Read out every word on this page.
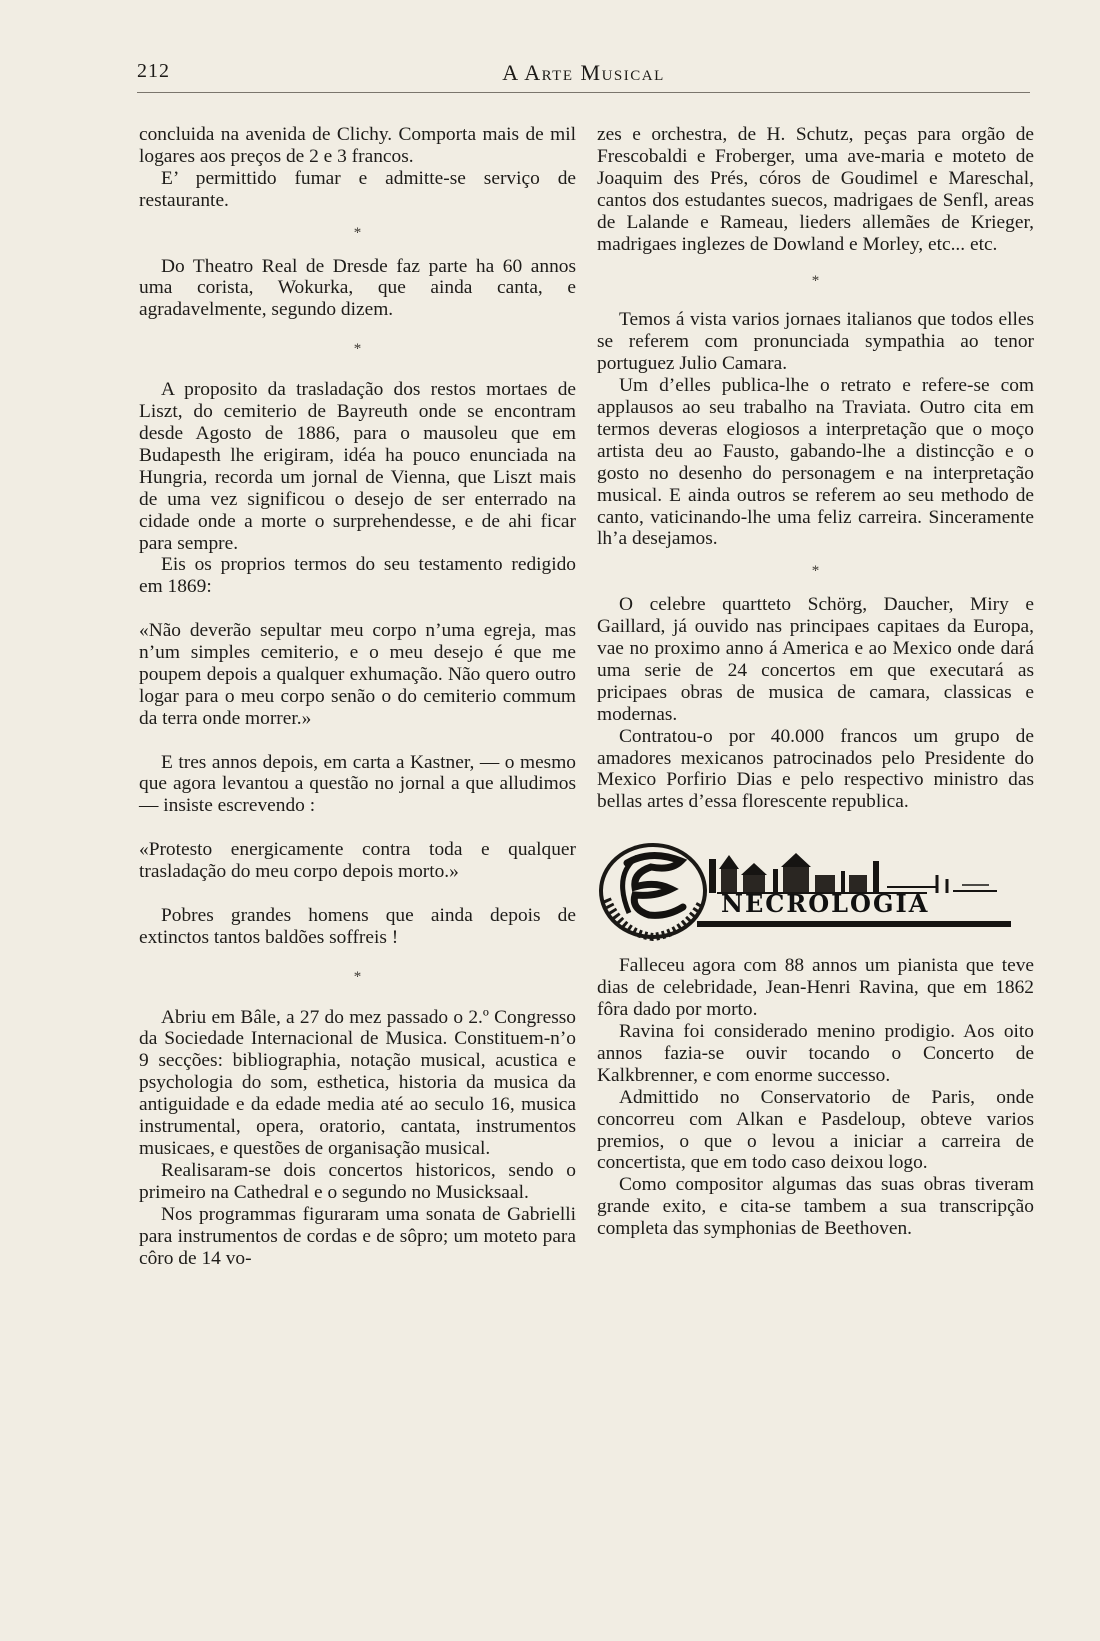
212	A Arte Musical

concluida na avenida de Clichy. Comporta mais de mil logares aos preços de 2 e 3 francos.

E’ permittido fumar e admitte-se serviço de restaurante.

*

Do Theatro Real de Dresde faz parte ha 60 annos uma corista, Wokurka, que ainda canta, e agradavelmente, segundo dizem.

*

A proposito da trasladação dos restos mortaes de Liszt, do cemiterio de Bayreuth onde se encontram desde Agosto de 1886, para o mausoleu que em Budapesth lhe erigiram, idéa ha pouco enunciada na Hungria, recorda um jornal de Vienna, que Liszt mais de uma vez significou o desejo de ser enterrado na cidade onde a morte o surprehendesse, e de ahi ficar para sempre.

Eis os proprios termos do seu testamento redigido em 1869:

«Não deverão sepultar meu corpo n’uma egreja, mas n’um simples cemiterio, e o meu desejo é que me poupem depois a qualquer exhumação. Não quero outro logar para o meu corpo senão o do cemiterio commum da terra onde morrer.»

E tres annos depois, em carta a Kastner, — o mesmo que agora levantou a questão no jornal a que alludimos — insiste escrevendo :

«Protesto energicamente contra toda e qualquer trasladação do meu corpo depois morto.»

Pobres grandes homens que ainda depois de extinctos tantos baldões soffreis !

*

Abriu em Bâle, a 27 do mez passado o 2.º Congresso da Sociedade Internacional de Musica. Constituem-n’o 9 secções: bibliographia, notação musical, acustica e psychologia do som, esthetica, historia da musica da antiguidade e da edade media até ao seculo 16, musica instrumental, opera, oratorio, cantata, instrumentos musicaes, e questões de organisação musical.

Realisaram-se dois concertos historicos, sendo o primeiro na Cathedral e o segundo no Musicksaal.

Nos programmas figuraram uma sonata de Gabrielli para instrumentos de cordas e de sôpro; um moteto para côro de 14 vo-

zes e orchestra, de H. Schutz, peças para orgão de Frescobaldi e Froberger, uma ave-maria e moteto de Joaquim des Prés, córos de Goudimel e Mareschal, cantos dos estudantes suecos, madrigaes de Senfl, areas de Lalande e Rameau, lieders allemães de Krieger, madrigaes inglezes de Dowland e Morley, etc... etc.

*

Temos á vista varios jornaes italianos que todos elles se referem com pronunciada sympathia ao tenor portuguez Julio Camara.

Um d’elles publica-lhe o retrato e refere-se com applausos ao seu trabalho na Traviata. Outro cita em termos deveras elogiosos a interpretação que o moço artista deu ao Fausto, gabando-lhe a distincção e o gosto no desenho do personagem e na interpretação musical. E ainda outros se referem ao seu methodo de canto, vaticinando-lhe uma feliz carreira. Sinceramente lh’a desejamos.

*

O celebre quartteto Schörg, Daucher, Miry e Gaillard, já ouvido nas principaes capitaes da Europa, vae no proximo anno á America e ao Mexico onde dará uma serie de 24 concertos em que executará as pricipaes obras de musica de camara, classicas e modernas.

Contratou-o por 40.000 francos um grupo de amadores mexicanos patrocinados pelo Presidente do Mexico Porfirio Dias e pelo respectivo ministro das bellas artes d’essa florescente republica.

NECROLOGIA

Falleceu agora com 88 annos um pianista que teve dias de celebridade, Jean-Henri Ravina, que em 1862 fôra dado por morto.

Ravina foi considerado menino prodigio. Aos oito annos fazia-se ouvir tocando o Concerto de Kalkbrenner, e com enorme successo.

Admittido no Conservatorio de Paris, onde concorreu com Alkan e Pasdeloup, obteve varios premios, o que o levou a iniciar a carreira de concertista, que em todo caso deixou logo.

Como compositor algumas das suas obras tiveram grande exito, e cita-se tambem a sua transcripção completa das symphonias de Beethoven.
